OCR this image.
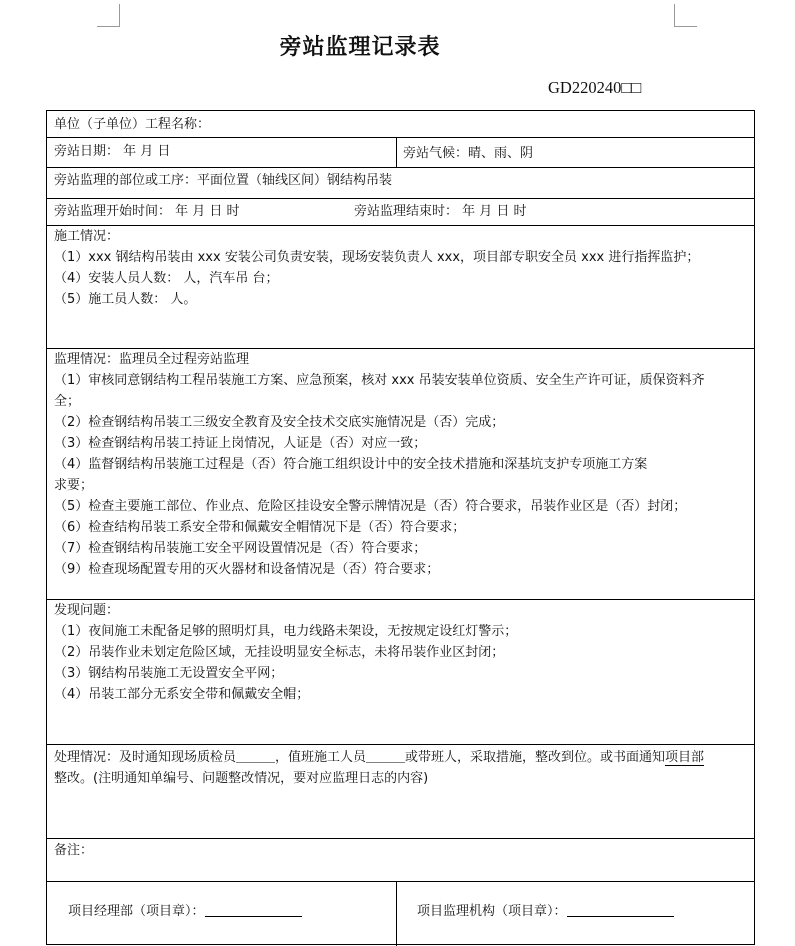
旁站监理记录表
GD220240□□
单位（子单位）工程名称：
旁站日期： 年 月 日	旁站气候：晴、雨、阴
旁站监理的部位或工序：平面位置（轴线区间）钢结构吊装
旁站监理开始时间： 年 月 日 时	旁站监理结束时： 年 月 日 时
施工情况：
（1）xxx 钢结构吊装由 xxx 安装公司负责安装，现场安装负责人 xxx，项目部专职安全员 xxx 进行指挥监护；
（4）安装人员人数： 人，汽车吊 台；
（5）施工员人数： 人。
监理情况：监理员全过程旁站监理
（1）审核同意钢结构工程吊装施工方案、应急预案，核对 xxx 吊装安装单位资质、安全生产许可证，质保资料齐
全；
（2）检查钢结构吊装工三级安全教育及安全技术交底实施情况是（否）完成；
（3）检查钢结构吊装工持证上岗情况，人证是（否）对应一致；
（4）监督钢结构吊装施工过程是（否）符合施工组织设计中的安全技术措施和深基坑支护专项施工方案
求要；
（5）检查主要施工部位、作业点、危险区挂设安全警示牌情况是（否）符合要求，吊装作业区是（否）封闭；
（6）检查结构吊装工系安全带和佩戴安全帽情况下是（否）符合要求；
（7）检查钢结构吊装施工安全平网设置情况是（否）符合要求；
（9）检查现场配置专用的灭火器材和设备情况是（否）符合要求；
发现问题：
（1）夜间施工未配备足够的照明灯具，电力线路未架设，无按规定设红灯警示；
（2）吊装作业未划定危险区域，无挂设明显安全标志，未将吊装作业区封闭；
（3）钢结构吊装施工无设置安全平网；
（4）吊装工部分无系安全带和佩戴安全帽；
处理情况：及时通知现场质检员＿＿＿，值班施工人员＿＿＿或带班人，采取措施，整改到位。或书面通知项目部
整改。(注明通知单编号、问题整改情况，要对应监理日志的内容)
备注：
项目经理部（项目章）：	项目监理机构（项目章）：
